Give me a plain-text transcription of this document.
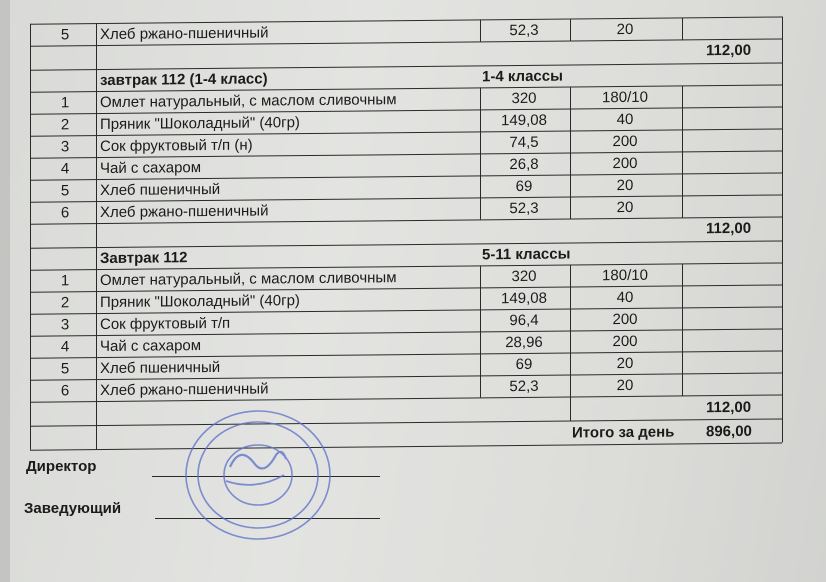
5	Хлеб ржано-пшеничный	52,3	20
112,00
завтрак 112 (1-4 класс)	1-4 классы
1	Омлет натуральный, с маслом сливочным	320	180/10
2	Пряник "Шоколадный" (40гр)	149,08	40
3	Сок фруктовый т/п (н)	74,5	200
4	Чай с сахаром	26,8	200
5	Хлеб пшеничный	69	20
6	Хлеб ржано-пшеничный	52,3	20
112,00
Завтрак 112	5-11 классы
1	Омлет натуральный, с маслом сливочным	320	180/10
2	Пряник "Шоколадный" (40гр)	149,08	40
3	Сок фруктовый т/п	96,4	200
4	Чай с сахаром	28,96	200
5	Хлеб пшеничный	69	20
6	Хлеб ржано-пшеничный	52,3	20
112,00
Итого за день 896,00
Директор
Заведующий
